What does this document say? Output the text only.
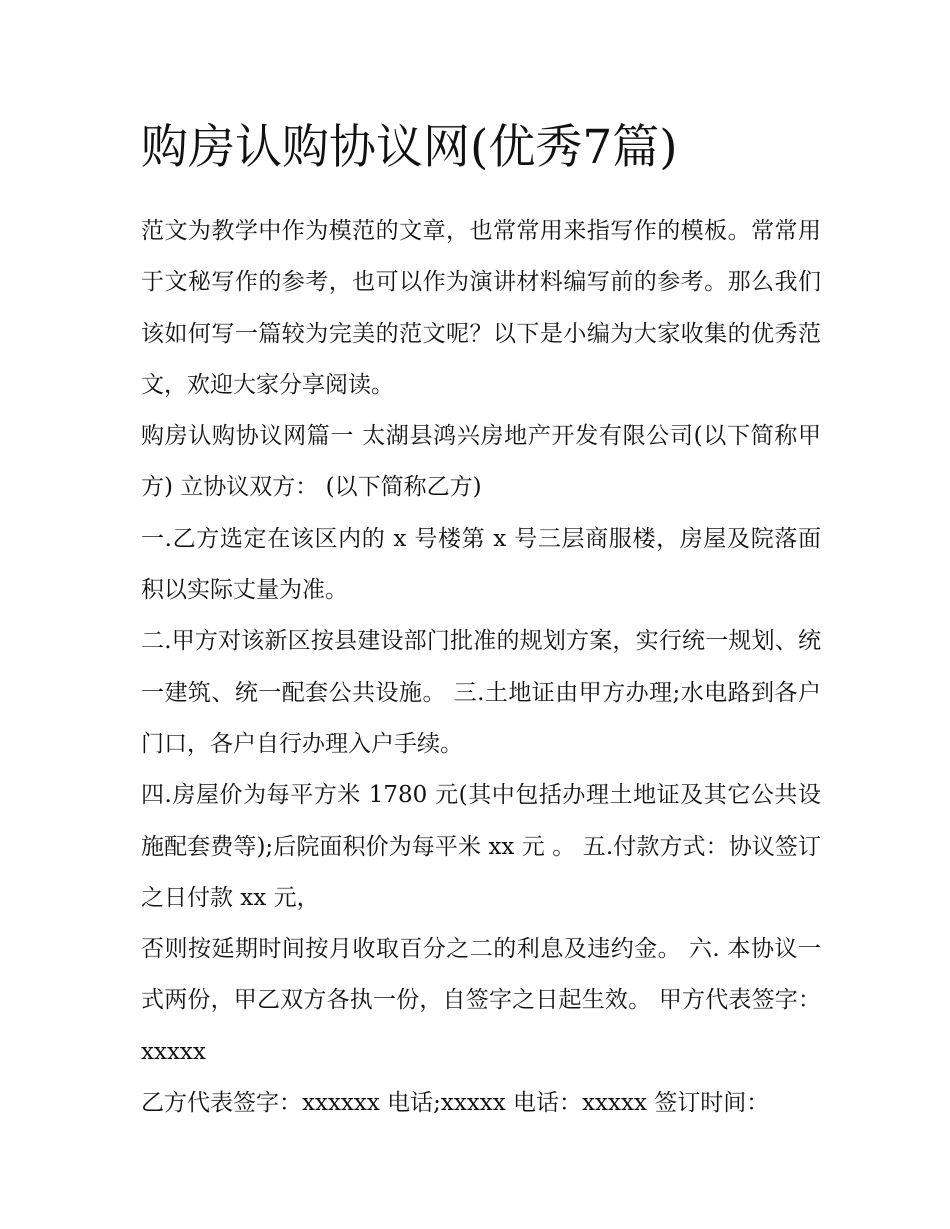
购房认购协议网(优秀7篇)

范文为教学中作为模范的文章，也常常用来指写作的模板。常常用于文秘写作的参考，也可以作为演讲材料编写前的参考。那么我们该如何写一篇较为完美的范文呢？以下是小编为大家收集的优秀范文，欢迎大家分享阅读。

购房认购协议网篇一 太湖县鸿兴房地产开发有限公司(以下简称甲方) 立协议双方： (以下简称乙方)

一.乙方选定在该区内的 x 号楼第 x 号三层商服楼，房屋及院落面积以实际丈量为准。

二.甲方对该新区按县建设部门批准的规划方案，实行统一规划、统一建筑、统一配套公共设施。 三.土地证由甲方办理;水电路到各户门口，各户自行办理入户手续。

四.房屋价为每平方米 1780 元(其中包括办理土地证及其它公共设施配套费等);后院面积价为每平米 xx 元 。 五.付款方式：协议签订之日付款 xx 元，

否则按延期时间按月收取百分之二的利息及违约金。 六. 本协议一式两份，甲乙双方各执一份，自签字之日起生效。 甲方代表签字：xxxxx

乙方代表签字：xxxxxx 电话;xxxxx 电话：xxxxx 签订时间：
